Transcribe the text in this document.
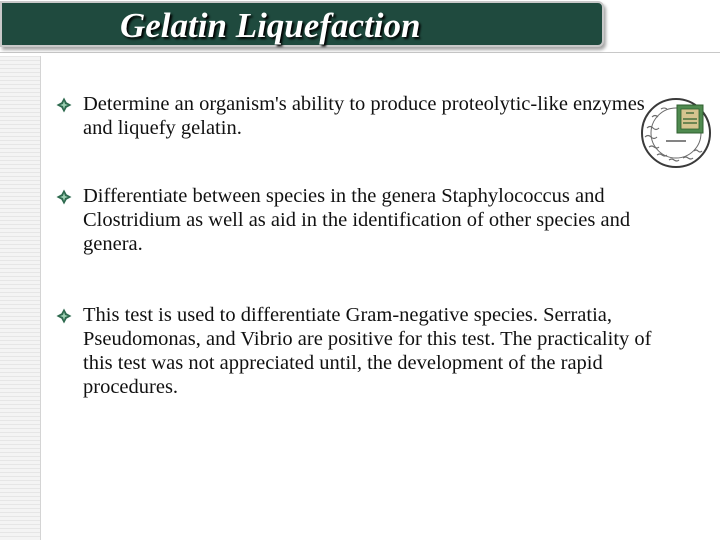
Gelatin Liquefaction
Determine an organism's ability to produce proteolytic-like enzymes and liquefy gelatin.
Differentiate between species in the genera Staphylococcus and Clostridium as well as aid in the identification of other species and genera.
This test is used to differentiate Gram-negative species. Serratia, Pseudomonas, and Vibrio are positive for this test. The practicality of this test was not appreciated until, the development of the rapid procedures.
